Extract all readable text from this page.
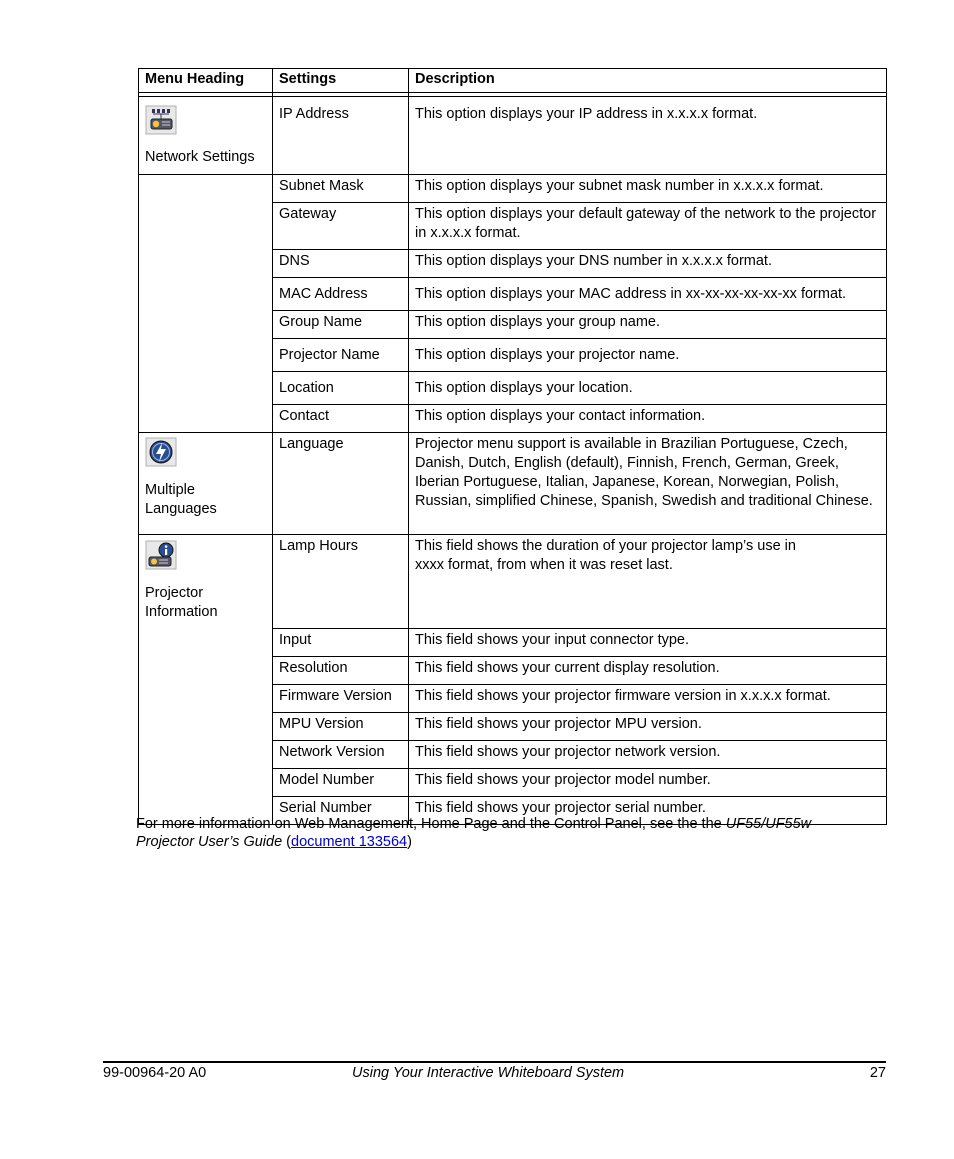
Menu Heading	Settings	Description

Network Settings	IP Address	This option displays your IP address in x.x.x.x format.
	Subnet Mask	This option displays your subnet mask number in x.x.x.x format.
	Gateway	This option displays your default gateway of the network to the projector in x.x.x.x format.
	DNS	This option displays your DNS number in x.x.x.x format.
	MAC Address	This option displays your MAC address in xx-xx-xx-xx-xx-xx format.
	Group Name	This option displays your group name.
	Projector Name	This option displays your projector name.
	Location	This option displays your location.
	Contact	This option displays your contact information.

Multiple Languages	Language	Projector menu support is available in Brazilian Portuguese, Czech, Danish, Dutch, English (default), Finnish, French, German, Greek, Iberian Portuguese, Italian, Japanese, Korean, Norwegian, Polish, Russian, simplified Chinese, Spanish, Swedish and traditional Chinese.

Projector Information	Lamp Hours	This field shows the duration of your projector lamp’s use in xxxx format, from when it was reset last.
	Input	This field shows your input connector type.
	Resolution	This field shows your current display resolution.
	Firmware Version	This field shows your projector firmware version in x.x.x.x format.
	MPU Version	This field shows your projector MPU version.
	Network Version	This field shows your projector network version.
	Model Number	This field shows your projector model number.
	Serial Number	This field shows your projector serial number.
For more information on Web Management, Home Page and the Control Panel, see the the UF55/UF55w Projector User’s Guide (document 133564)
99-00964-20 A0	Using Your Interactive Whiteboard System	27
